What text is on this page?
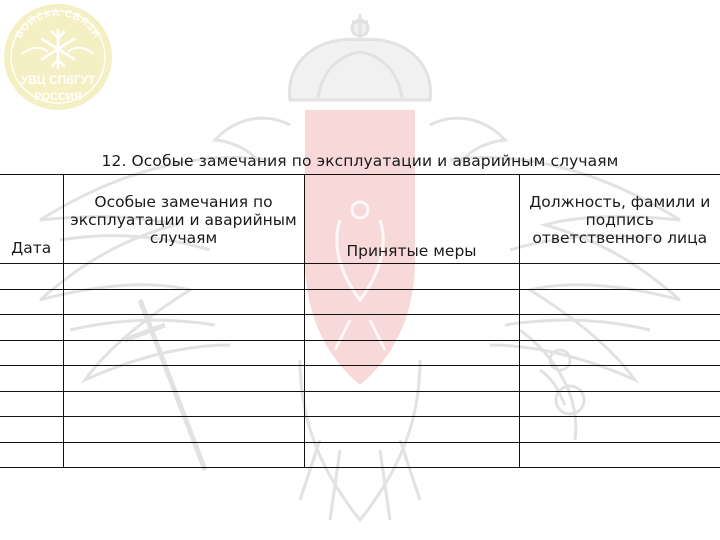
ВОЙСКА СВЯЗИ
УВЦ СПбГУТ
РОССИЯ
12. Особые замечания по эксплуатации и аварийным случаям
Дата	Особые замечания по эксплуатации и аварийным случаям	Принятые меры	Должность, фамили и подпись ответственного лица
